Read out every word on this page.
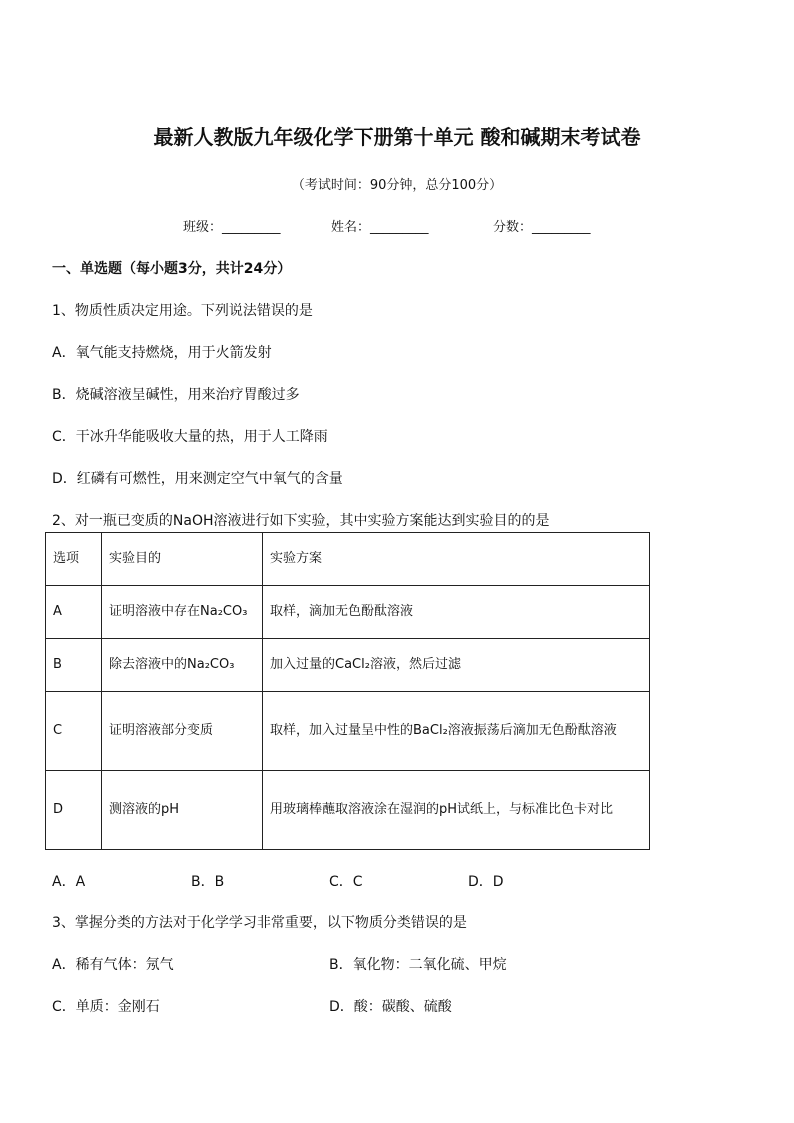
最新人教版九年级化学下册第十单元 酸和碱期末考试卷
（考试时间：90分钟，总分100分）
班级：_________	姓名：_________	分数：_________
一、单选题（每小题3分，共计24分）
1、物质性质决定用途。下列说法错误的是
A．氧气能支持燃烧，用于火箭发射
B．烧碱溶液呈碱性，用来治疗胃酸过多
C．干冰升华能吸收大量的热，用于人工降雨
D．红磷有可燃性，用来测定空气中氧气的含量
2、对一瓶已变质的NaOH溶液进行如下实验，其中实验方案能达到实验目的的是
选项	实验目的	实验方案
A	证明溶液中存在Na₂CO₃	取样，滴加无色酚酞溶液
B	除去溶液中的Na₂CO₃	加入过量的CaCl₂溶液，然后过滤
C	证明溶液部分变质	取样，加入过量呈中性的BaCl₂溶液振荡后滴加无色酚酞溶液
D	测溶液的pH	用玻璃棒蘸取溶液涂在湿润的pH试纸上，与标准比色卡对比
A．A	B．B	C．C	D．D
3、掌握分类的方法对于化学学习非常重要，以下物质分类错误的是
A．稀有气体：氖气	B．氧化物：二氧化硫、甲烷
C．单质：金刚石	D．酸：碳酸、硫酸
